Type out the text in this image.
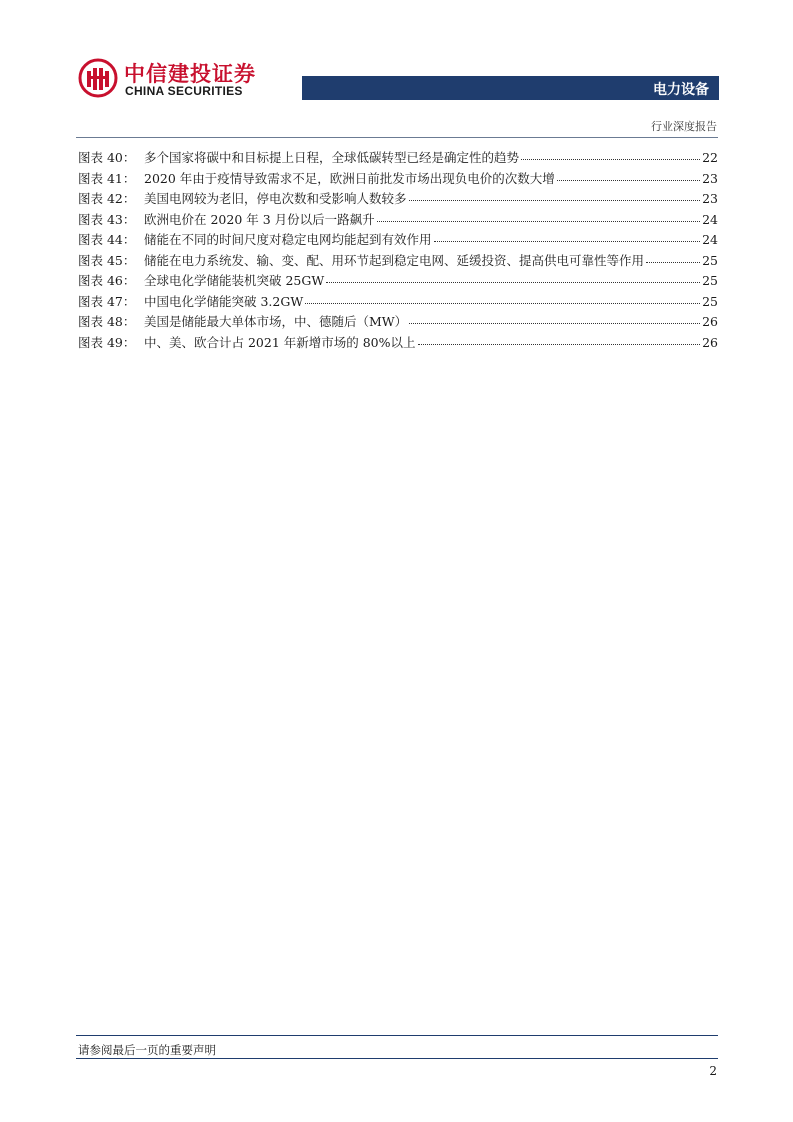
中信建投证券
CHINA SECURITIES	电力设备
行业深度报告
图表 40： 多个国家将碳中和目标提上日程，全球低碳转型已经是确定性的趋势	22
图表 41： 2020 年由于疫情导致需求不足，欧洲日前批发市场出现负电价的次数大增	23
图表 42： 美国电网较为老旧，停电次数和受影响人数较多	23
图表 43： 欧洲电价在 2020 年 3 月份以后一路飙升	24
图表 44： 储能在不同的时间尺度对稳定电网均能起到有效作用	24
图表 45： 储能在电力系统发、输、变、配、用环节起到稳定电网、延缓投资、提高供电可靠性等作用	25
图表 46： 全球电化学储能装机突破 25GW	25
图表 47： 中国电化学储能突破 3.2GW	25
图表 48： 美国是储能最大单体市场，中、德随后（MW）	26
图表 49： 中、美、欧合计占 2021 年新增市场的 80%以上	26
请参阅最后一页的重要声明
2
